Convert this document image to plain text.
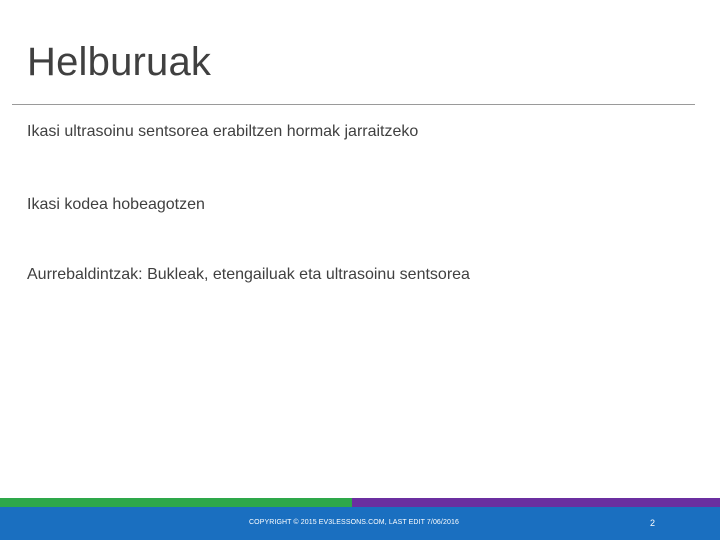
Helburuak
Ikasi ultrasoinu sentsorea erabiltzen hormak jarraitzeko
Ikasi kodea hobeagotzen
Aurrebaldintzak: Bukleak, etengailuak eta ultrasoinu sentsorea
COPYRIGHT © 2015 EV3LESSONS.COM, LAST EDIT 7/06/2016	2
